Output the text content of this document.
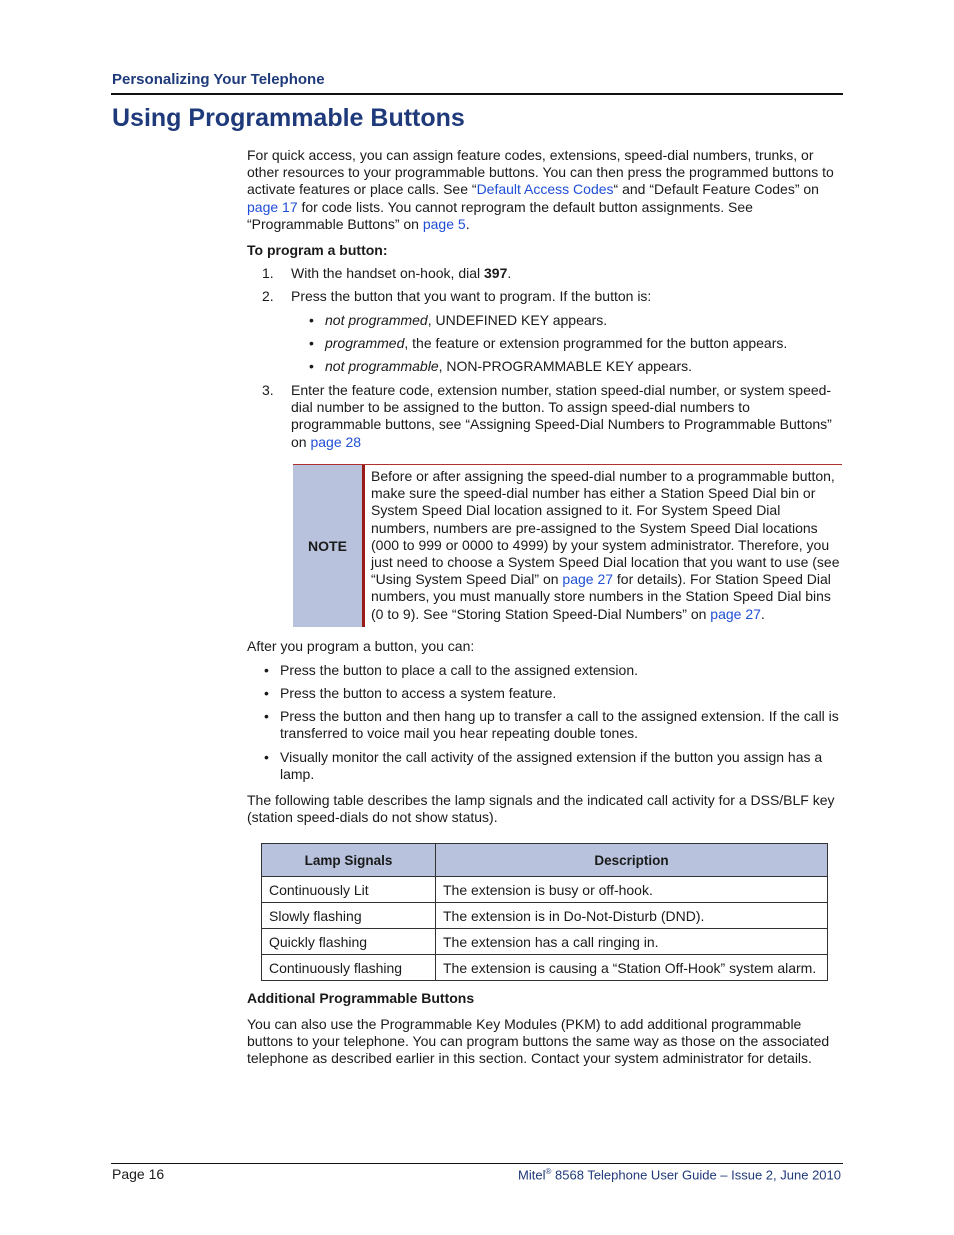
Personalizing Your Telephone
Using Programmable Buttons

For quick access, you can assign feature codes, extensions, speed-dial numbers, trunks, or other resources to your programmable buttons. You can then press the programmed buttons to activate features or place calls. See “Default Access Codes“ and “Default Feature Codes” on page 17 for code lists. You cannot reprogram the default button assignments. See “Programmable Buttons” on page 5.

To program a button:
1. With the handset on-hook, dial 397.
2. Press the button that you want to program. If the button is:
• not programmed, UNDEFINED KEY appears.
• programmed, the feature or extension programmed for the button appears.
• not programmable, NON-PROGRAMMABLE KEY appears.
3. Enter the feature code, extension number, station speed-dial number, or system speed-dial number to be assigned to the button. To assign speed-dial numbers to programmable buttons, see “Assigning Speed-Dial Numbers to Programmable Buttons” on page 28
NOTE
Before or after assigning the speed-dial number to a programmable button, make sure the speed-dial number has either a Station Speed Dial bin or System Speed Dial location assigned to it. For System Speed Dial numbers, numbers are pre-assigned to the System Speed Dial locations (000 to 999 or 0000 to 4999) by your system administrator. Therefore, you just need to choose a System Speed Dial location that you want to use (see “Using System Speed Dial” on page 27 for details). For Station Speed Dial numbers, you must manually store numbers in the Station Speed Dial bins (0 to 9). See “Storing Station Speed-Dial Numbers” on page 27.
After you program a button, you can:
• Press the button to place a call to the assigned extension.
• Press the button to access a system feature.
• Press the button and then hang up to transfer a call to the assigned extension. If the call is transferred to voice mail you hear repeating double tones.
• Visually monitor the call activity of the assigned extension if the button you assign has a lamp.
The following table describes the lamp signals and the indicated call activity for a DSS/BLF key (station speed-dials do not show status).
Lamp Signals	Description
Continuously Lit	The extension is busy or off-hook.
Slowly flashing	The extension is in Do-Not-Disturb (DND).
Quickly flashing	The extension has a call ringing in.
Continuously flashing	The extension is causing a “Station Off-Hook” system alarm.
Additional Programmable Buttons
You can also use the Programmable Key Modules (PKM) to add additional programmable buttons to your telephone. You can program buttons the same way as those on the associated telephone as described earlier in this section. Contact your system administrator for details.
Page 16	Mitel® 8568 Telephone User Guide – Issue 2, June 2010
